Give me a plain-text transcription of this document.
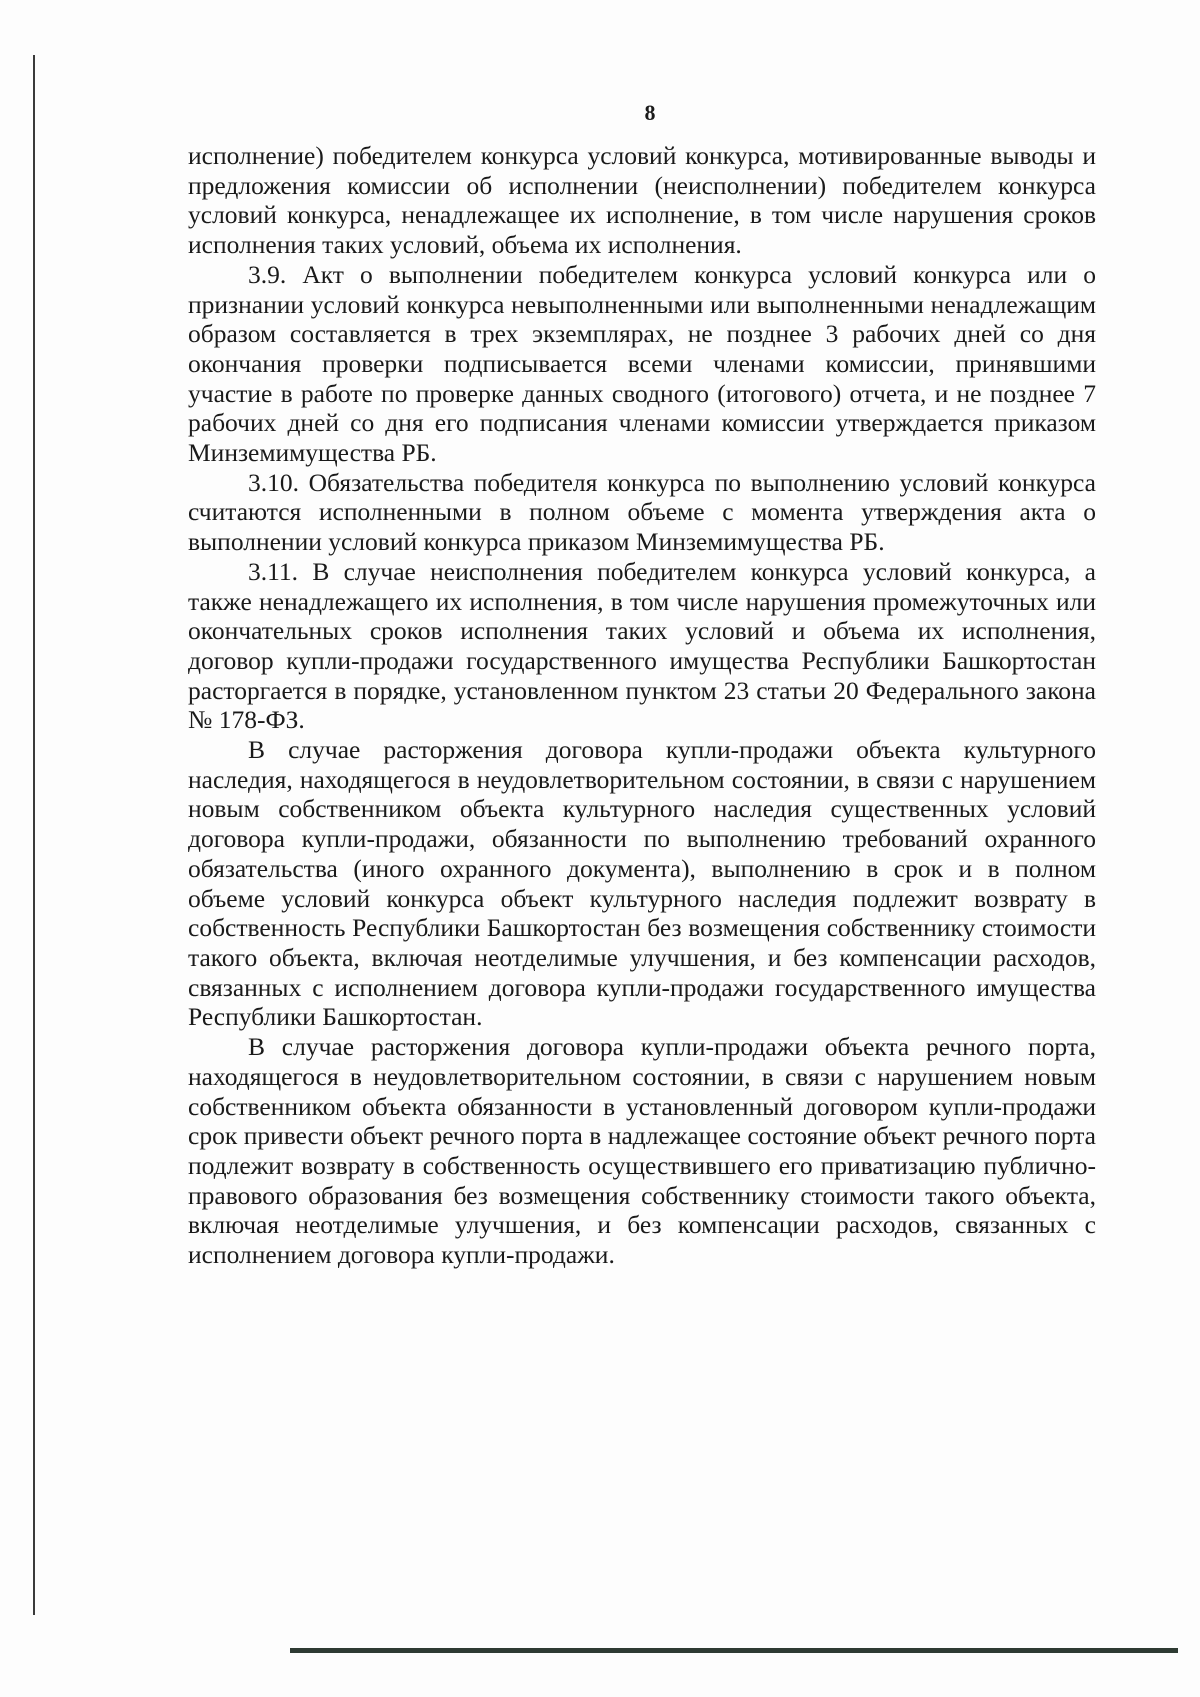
8

исполнение) победителем конкурса условий конкурса, мотивированные выводы и предложения комиссии об исполнении (неисполнении) победителем конкурса условий конкурса, ненадлежащее их исполнение, в том числе нарушения сроков исполнения таких условий, объема их исполнения.

3.9. Акт о выполнении победителем конкурса условий конкурса или о признании условий конкурса невыполненными или выполненными ненадлежащим образом составляется в трех экземплярах, не позднее 3 рабочих дней со дня окончания проверки подписывается всеми членами комиссии, принявшими участие в работе по проверке данных сводного (итогового) отчета, и не позднее 7 рабочих дней со дня его подписания членами комиссии утверждается приказом Минземимущества РБ.

3.10. Обязательства победителя конкурса по выполнению условий конкурса считаются исполненными в полном объеме с момента утверждения акта о выполнении условий конкурса приказом Минземимущества РБ.

3.11. В случае неисполнения победителем конкурса условий конкурса, а также ненадлежащего их исполнения, в том числе нарушения промежуточных или окончательных сроков исполнения таких условий и объема их исполнения, договор купли-продажи государственного имущества Республики Башкортостан расторгается в порядке, установленном пунктом 23 статьи 20 Федерального закона № 178-ФЗ.

В случае расторжения договора купли-продажи объекта культурного наследия, находящегося в неудовлетворительном состоянии, в связи с нарушением новым собственником объекта культурного наследия существенных условий договора купли-продажи, обязанности по выполнению требований охранного обязательства (иного охранного документа), выполнению в срок и в полном объеме условий конкурса объект культурного наследия подлежит возврату в собственность Республики Башкортостан без возмещения собственнику стоимости такого объекта, включая неотделимые улучшения, и без компенсации расходов, связанных с исполнением договора купли-продажи государственного имущества Республики Башкортостан.

В случае расторжения договора купли-продажи объекта речного порта, находящегося в неудовлетворительном состоянии, в связи с нарушением новым собственником объекта обязанности в установленный договором купли-продажи срок привести объект речного порта в надлежащее состояние объект речного порта подлежит возврату в собственность осуществившего его приватизацию публично-правового образования без возмещения собственнику стоимости такого объекта, включая неотделимые улучшения, и без компенсации расходов, связанных с исполнением договора купли-продажи.
